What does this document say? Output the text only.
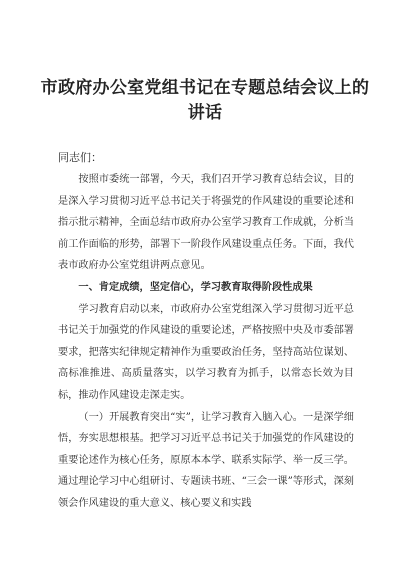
市政府办公室党组书记在专题总结会议上的讲话
同志们：

按照市委统一部署，今天，我们召开学习教育总结会议，目的是深入学习贯彻习近平总书记关于将强党的作风建设的重要论述和指示批示精神，全面总结市政府办公室学习教育工作成就，分析当前工作面临的形势，部署下一阶段作风建设重点任务。下面，我代表市政府办公室党组讲两点意见。

一、肯定成绩，坚定信心，学习教育取得阶段性成果

学习教育启动以来，市政府办公室党组深入学习贯彻习近平总书记关于加强党的作风建设的重要论述，严格按照中央及市委部署要求，把落实纪律规定精神作为重要政治任务，坚持高站位谋划、高标准推进、高质量落实，以学习教育为抓手，以常态长效为目标，推动作风建设走深走实。

（一）开展教育突出“实”，让学习教育入脑入心。一是深学细悟，夯实思想根基。把学习习近平总书记关于加强党的作风建设的重要论述作为核心任务，原原本本学、联系实际学、举一反三学。通过理论学习中心组研讨、专题读书班、“三会一课”等形式，深刻领会作风建设的重大意义、核心要义和实践
